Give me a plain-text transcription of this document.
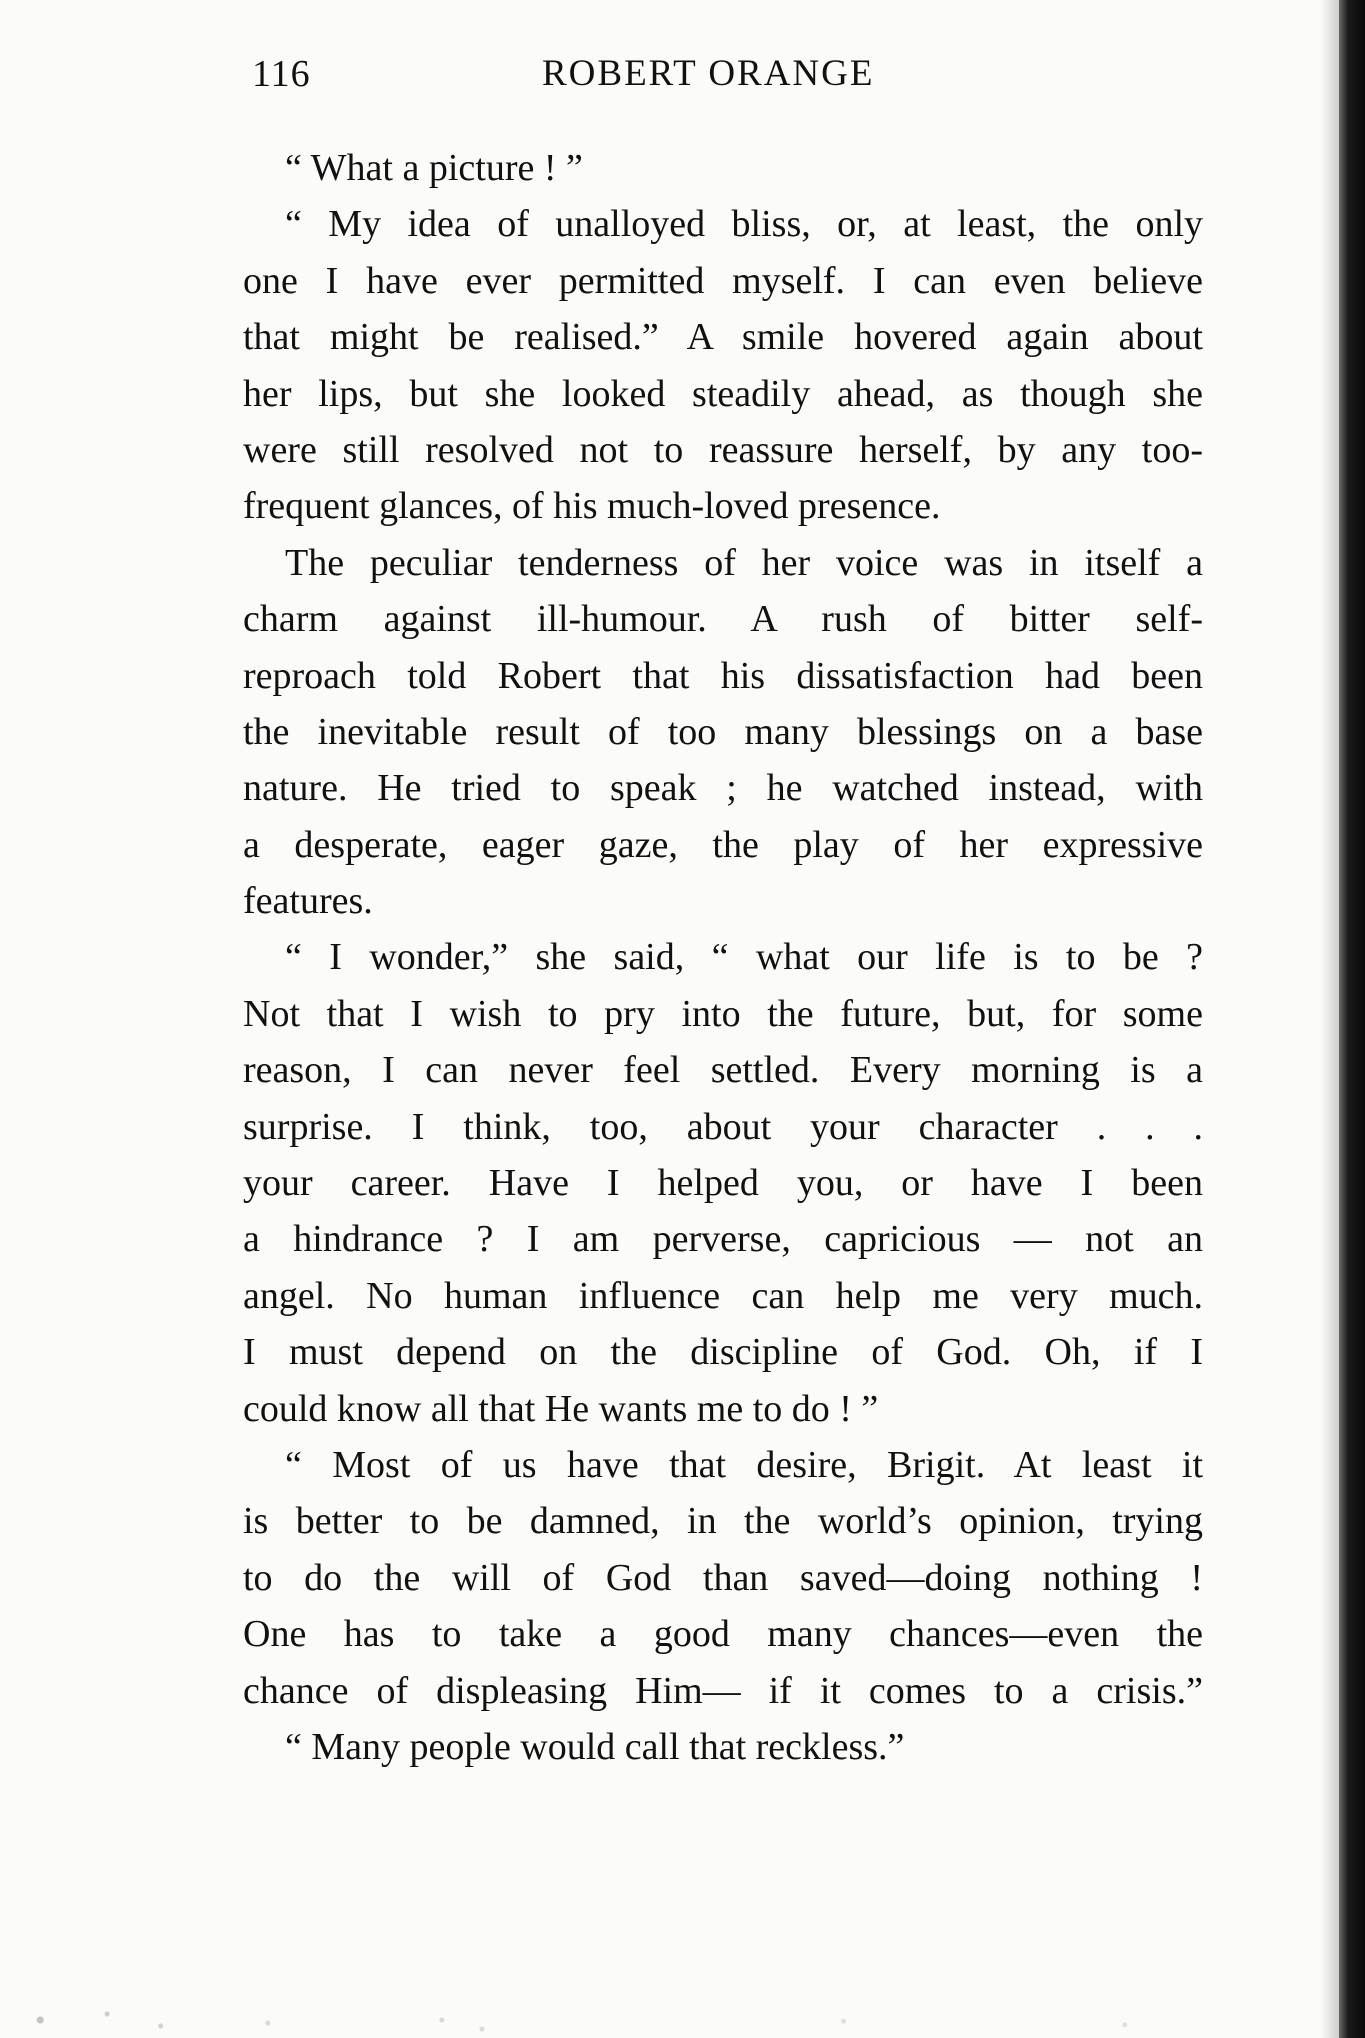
116	ROBERT ORANGE
“ What a picture ! ”
“ My idea of unalloyed bliss, or, at least, the only
one I have ever permitted myself. I can even believe
that might be realised.” A smile hovered again about
her lips, but she looked steadily ahead, as though she
were still resolved not to reassure herself, by any too-
frequent glances, of his much-loved presence.
The peculiar tenderness of her voice was in itself a
charm against ill-humour. A rush of bitter self-
reproach told Robert that his dissatisfaction had been
the inevitable result of too many blessings on a base
nature. He tried to speak ; he watched instead, with
a desperate, eager gaze, the play of her expressive
features.
“ I wonder,” she said, “ what our life is to be ?
Not that I wish to pry into the future, but, for some
reason, I can never feel settled. Every morning is a
surprise. I think, too, about your character . . .
your career. Have I helped you, or have I been
a hindrance ? I am perverse, capricious — not an
angel. No human influence can help me very much.
I must depend on the discipline of God. Oh, if I
could know all that He wants me to do ! ”
“ Most of us have that desire, Brigit. At least it
is better to be damned, in the world’s opinion, trying
to do the will of God than saved—doing nothing !
One has to take a good many chances—even the
chance of displeasing Him— if it comes to a crisis.”
“ Many people would call that reckless.”
